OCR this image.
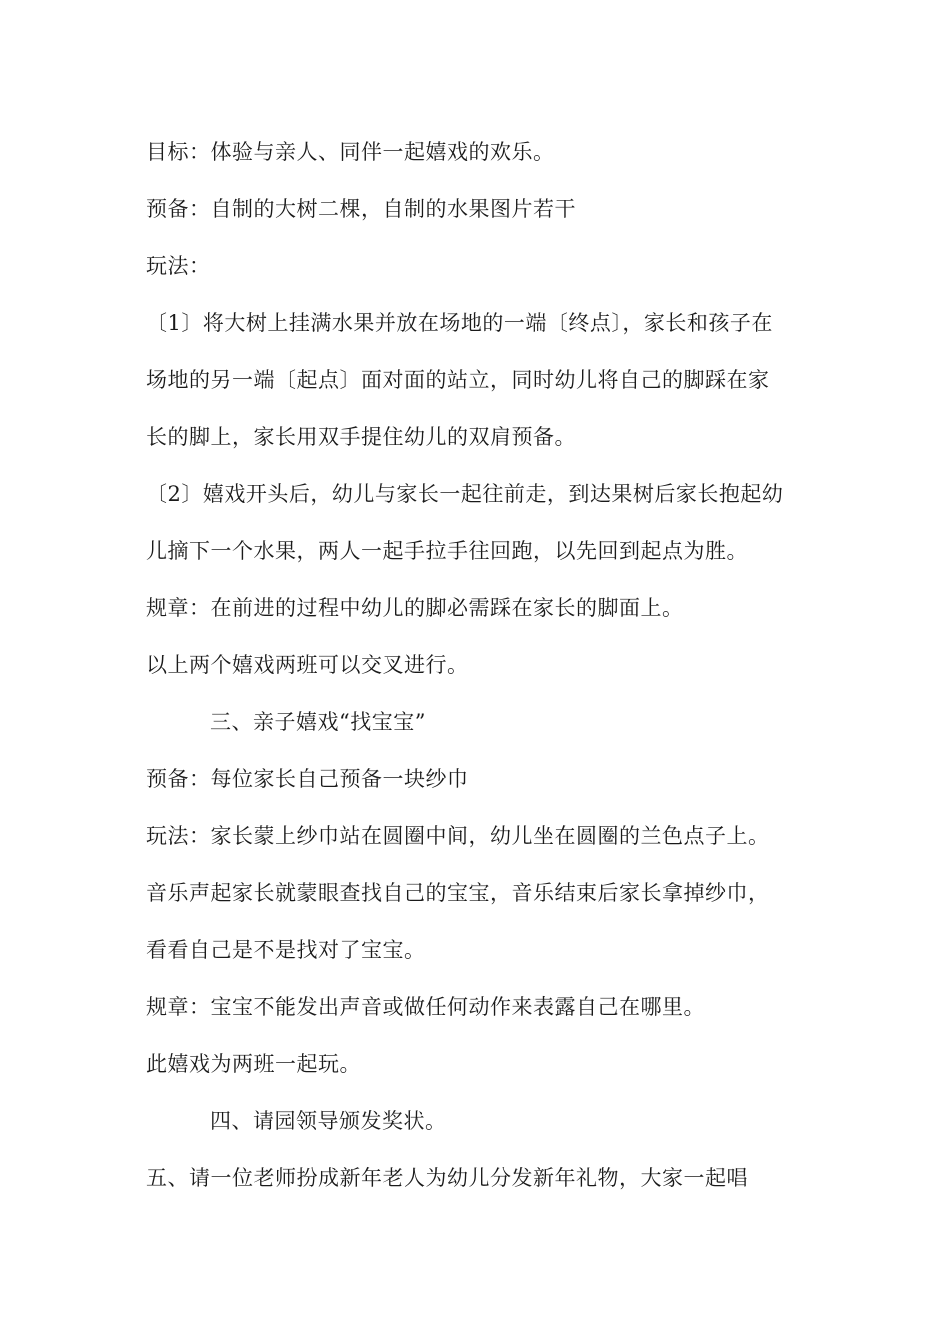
目标：体验与亲人、同伴一起嬉戏的欢乐。
预备：自制的大树二棵，自制的水果图片若干
玩法：
〔1〕将大树上挂满水果并放在场地的一端〔终点〕，家长和孩子在
场地的另一端〔起点〕面对面的站立，同时幼儿将自己的脚踩在家
长的脚上，家长用双手提住幼儿的双肩预备。
〔2〕嬉戏开头后，幼儿与家长一起往前走，到达果树后家长抱起幼
儿摘下一个水果，两人一起手拉手往回跑，以先回到起点为胜。
规章：在前进的过程中幼儿的脚必需踩在家长的脚面上。
以上两个嬉戏两班可以交叉进行。
三、亲子嬉戏“找宝宝”
预备：每位家长自己预备一块纱巾
玩法：家长蒙上纱巾站在圆圈中间，幼儿坐在圆圈的兰色点子上。
音乐声起家长就蒙眼查找自己的宝宝，音乐结束后家长拿掉纱巾，
看看自己是不是找对了宝宝。
规章：宝宝不能发出声音或做任何动作来表露自己在哪里。
此嬉戏为两班一起玩。
四、请园领导颁发奖状。
五、请一位老师扮成新年老人为幼儿分发新年礼物，大家一起唱
